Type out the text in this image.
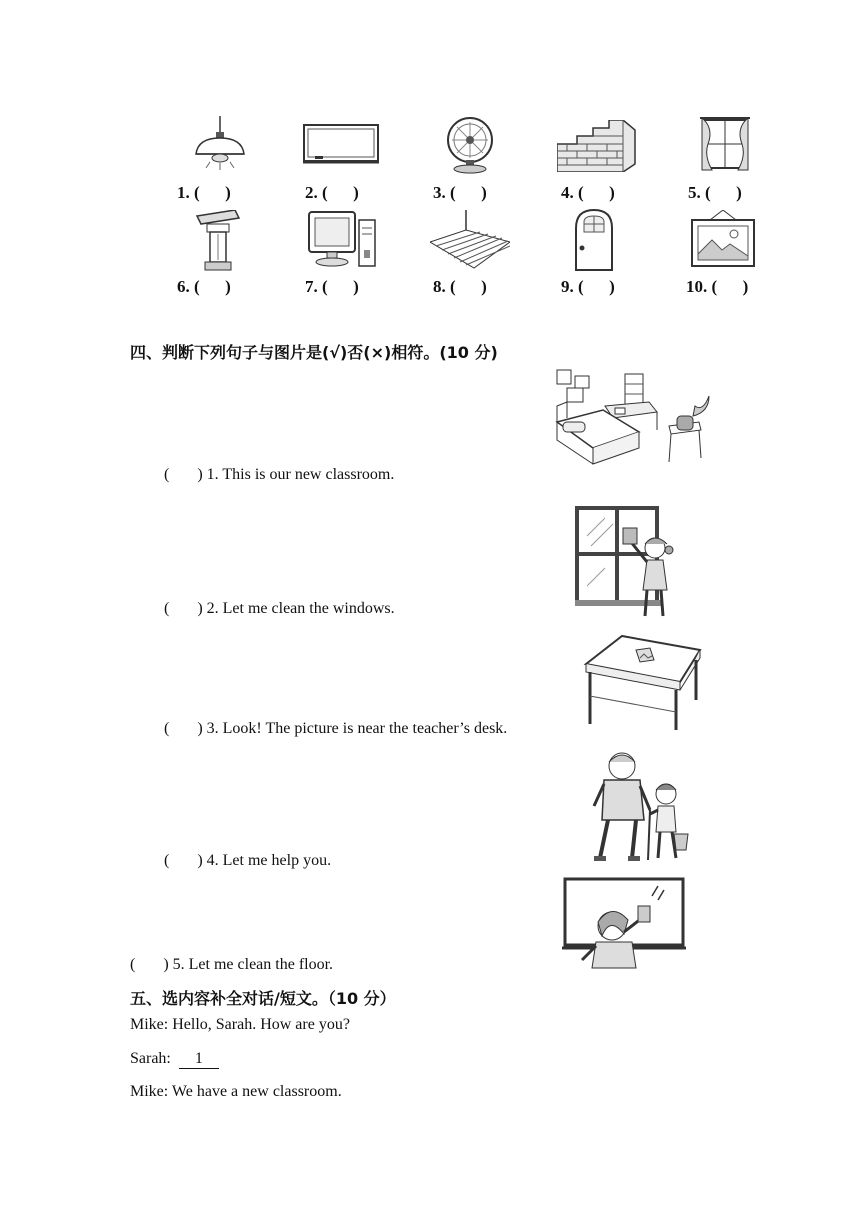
1. (      )	2. (      )	3. (      )	4. (      )	5. (      )
6. (      )	7. (      )	8. (      )	9. (      )	10. (      )
四、判断下列句子与图片是(√)否(×)相符。(10 分)
(       ) 1. This is our new classroom.
(       ) 2. Let me clean the windows.
(       ) 3. Look! The picture is near the teacher’s desk.
(       ) 4. Let me help you.
(       ) 5. Let me clean the floor.
五、选内容补全对话/短文。（10 分）
Mike: Hello, Sarah. How are you?
Sarah: 1
Mike: We have a new classroom.
